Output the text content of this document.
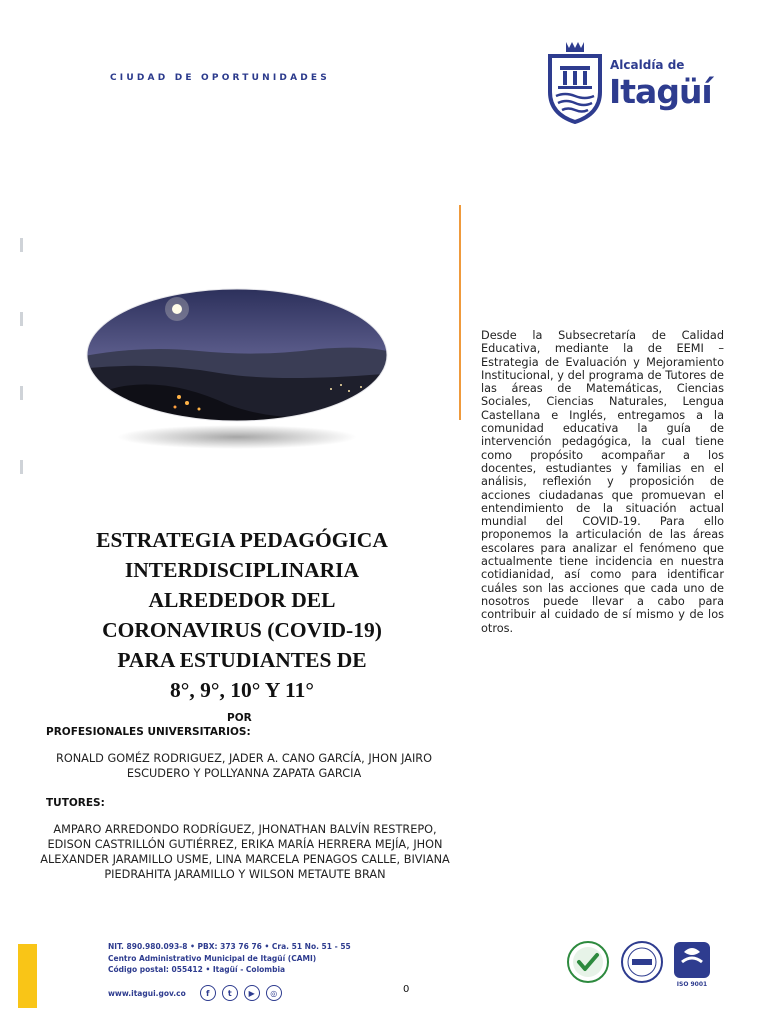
CIUDAD DE OPORTUNIDADES
Alcaldía de
Itagüí
ESTRATEGIA PEDAGÓGICA
INTERDISCIPLINARIA
ALREDEDOR DEL
CORONAVIRUS (COVID-19)
PARA ESTUDIANTES DE
8°, 9°, 10° Y 11°
Desde la Subsecretaría de Calidad Educativa, mediante la de EEMI – Estrategia de Evaluación y Mejoramiento Institucional, y del programa de Tutores de las áreas de Matemáticas, Ciencias Sociales, Ciencias Naturales, Lengua Castellana e Inglés, entregamos a la comunidad educativa la guía de intervención pedagógica, la cual tiene como propósito acompañar a los docentes, estudiantes y familias en el análisis, reflexión y proposición de acciones ciudadanas que promuevan el entendimiento de la situación actual mundial del COVID-19. Para ello proponemos la articulación de las áreas escolares para analizar el fenómeno que actualmente tiene incidencia en nuestra cotidianidad, así como para identificar cuáles son las acciones que cada uno de nosotros puede llevar a cabo para contribuir al cuidado de sí mismo y de los otros.
POR
PROFESIONALES UNIVERSITARIOS:
RONALD GOMÉZ RODRIGUEZ, JADER A. CANO GARCÍA, JHON JAIRO ESCUDERO Y POLLYANNA ZAPATA GARCIA
TUTORES:
AMPARO ARREDONDO RODRÍGUEZ, JHONATHAN BALVÍN RESTREPO, EDISON CASTRILLÓN GUTIÉRREZ, ERIKA MARÍA HERRERA MEJÍA, JHON ALEXANDER JARAMILLO USME, LINA MARCELA PENAGOS CALLE, BIVIANA PIEDRAHITA JARAMILLO Y WILSON METAUTE BRAN
NIT. 890.980.093-8 • PBX: 373 76 76 • Cra. 51 No. 51 - 55
Centro Administrativo Municipal de Itagüí (CAMI)
Código postal: 055412 • Itagüí - Colombia
www.itagui.gov.co	f	t	▶	◎	0	ISO 9001
